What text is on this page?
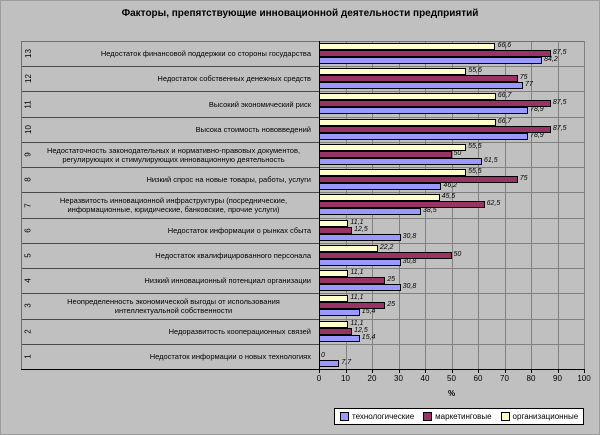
Факторы, препятствующие инновационной деятельности предприятий
13	Недостаток финансовой поддержки со стороны государства
66,6
87,5
84,2
12	Недостаток собственных денежных средств
55,6
75
77
11	Высокий экономический риск
66,7
87,5
78,9
10	Высока стоимость нововведений
66,7
87,5
78,9
9	Недостаточность законодательных и нормативно-правовых документов, регулирующих и стимулирующих инновационную деятельность
55,5
50
61,5
8	Низкий спрос на новые товары, работы, услуги
55,5
75
46,2
7	Неразвитость инновационной инфраструктуры (посреднические, информационные, юридические, банковские, прочие услуги)
45,5
62,5
38,5
6	Недостаток информации о рынках сбыта
11,1
12,5
30,8
5	Недостаток квалифицированного персонала
22,2
50
30,8
4	Низкий инновационный потенциал организации
11,1
25
30,8
3	Неопределенность экономической выгоды от использования интеллектуальной собственности
11,1
25
15,4
2	Недоразвитость кооперационных связей
11,1
12,5
15,4
1	Недостаток информации о новых технологиях 0
7,7
0 10 20 30 40 50 60 70 80 90 100
%
технологические	маркетинговые	организационные
